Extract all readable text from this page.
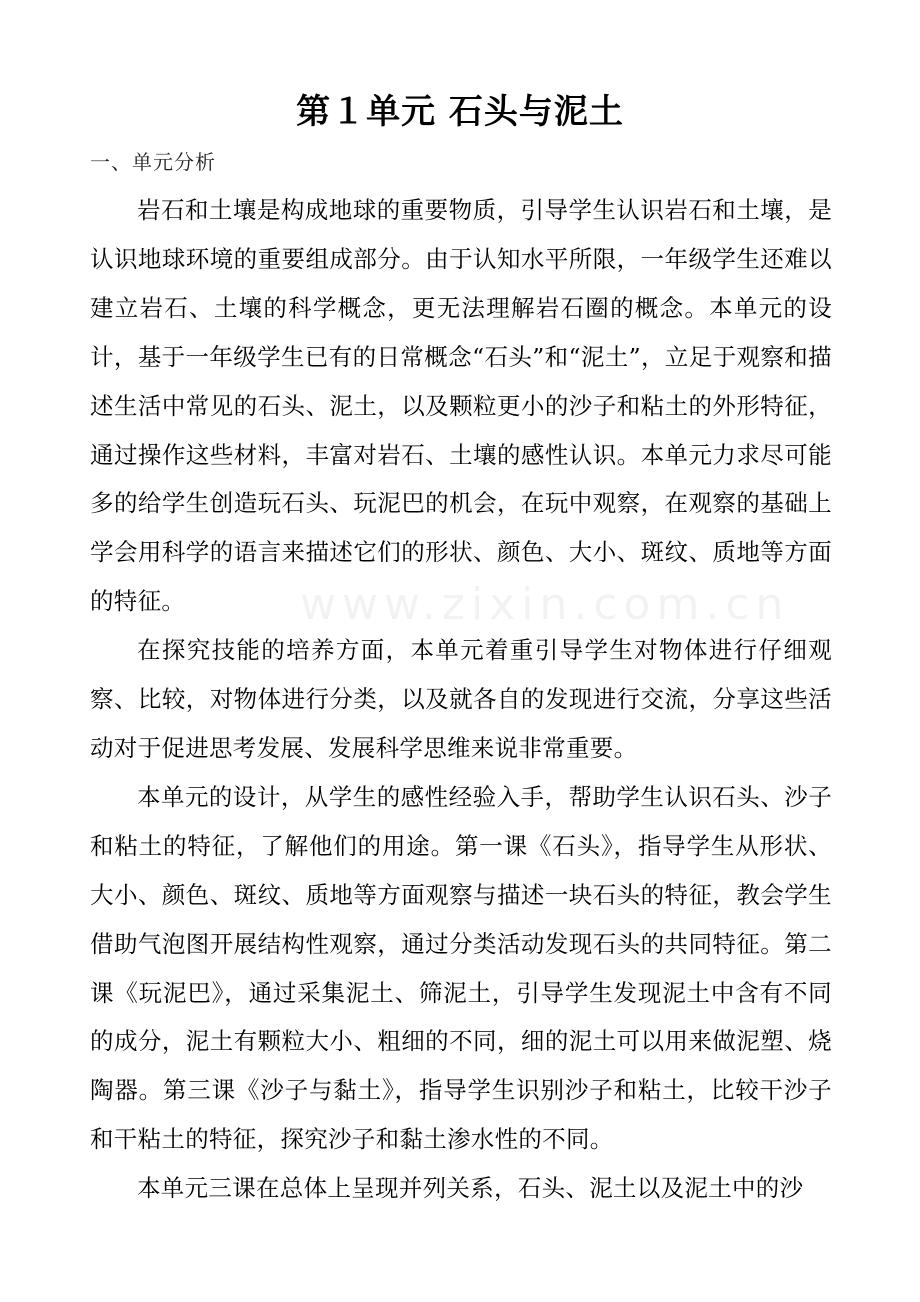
第１单元 石头与泥土
一、单元分析
www.zixin.com.cn

岩石和土壤是构成地球的重要物质，引导学生认识岩石和土壤，是认识地球环境的重要组成部分。由于认知水平所限，一年级学生还难以建立岩石、土壤的科学概念，更无法理解岩石圈的概念。本单元的设计，基于一年级学生已有的日常概念“石头”和“泥土”，立足于观察和描述生活中常见的石头、泥土，以及颗粒更小的沙子和粘土的外形特征，通过操作这些材料，丰富对岩石、土壤的感性认识。本单元力求尽可能多的给学生创造玩石头、玩泥巴的机会，在玩中观察，在观察的基础上学会用科学的语言来描述它们的形状、颜色、大小、斑纹、质地等方面的特征。

在探究技能的培养方面，本单元着重引导学生对物体进行仔细观察、比较，对物体进行分类，以及就各自的发现进行交流，分享这些活动对于促进思考发展、发展科学思维来说非常重要。

本单元的设计，从学生的感性经验入手，帮助学生认识石头、沙子和粘土的特征，了解他们的用途。第一课《石头》，指导学生从形状、大小、颜色、斑纹、质地等方面观察与描述一块石头的特征，教会学生借助气泡图开展结构性观察，通过分类活动发现石头的共同特征。第二课《玩泥巴》，通过采集泥土、筛泥土，引导学生发现泥土中含有不同的成分，泥土有颗粒大小、粗细的不同，细的泥土可以用来做泥塑、烧陶器。第三课《沙子与黏土》，指导学生识别沙子和粘土，比较干沙子和干粘土的特征，探究沙子和黏土渗水性的不同。

本单元三课在总体上呈现并列关系，石头、泥土以及泥土中的沙
